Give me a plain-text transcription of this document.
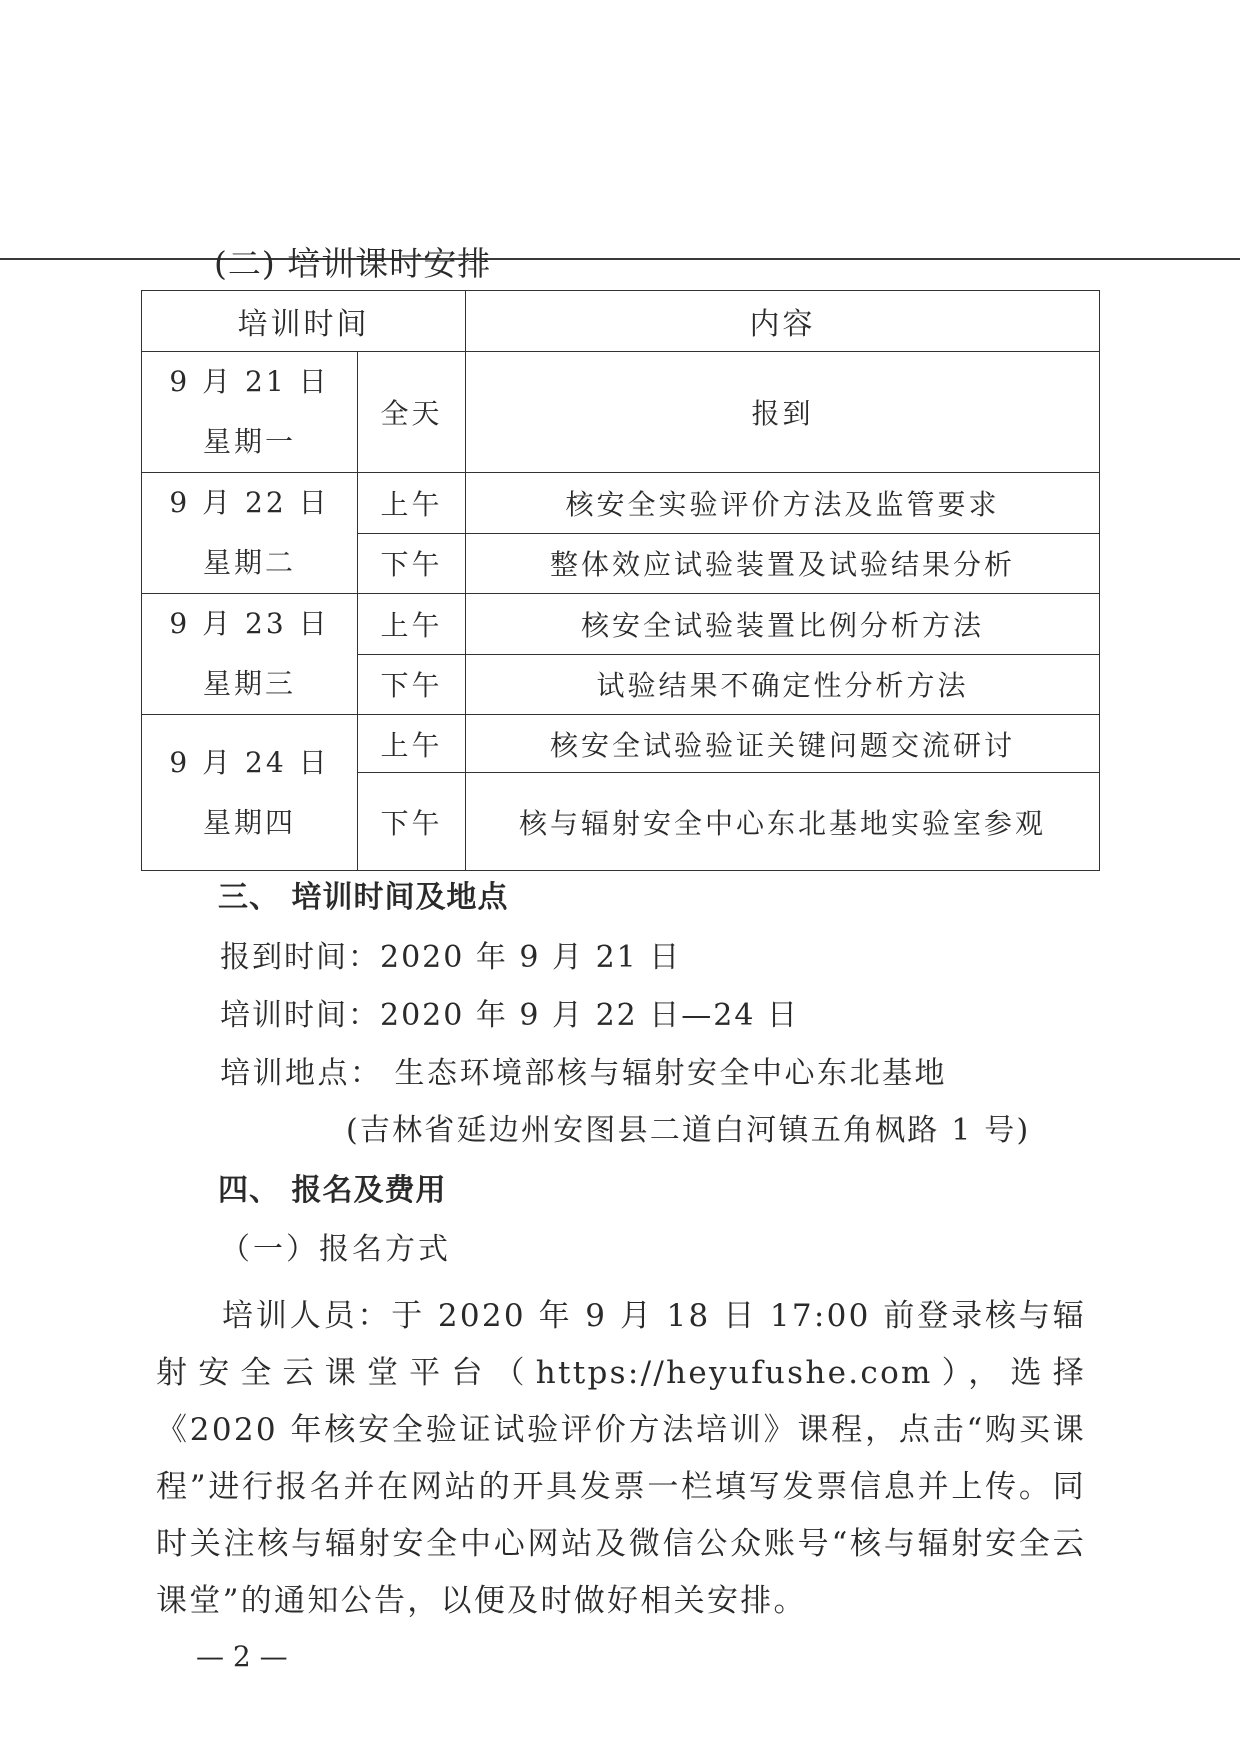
(二) 培训课时安排
培训时间		内容

9 月 21 日
星期一	全天	报到

9 月 22 日
星期二	上午	核安全实验评价方法及监管要求
	下午	整体效应试验装置及试验结果分析

9 月 23 日
星期三	上午	核安全试验装置比例分析方法
	下午	试验结果不确定性分析方法

9 月 24 日
星期四	上午	核安全试验验证关键问题交流研讨
	下午	核与辐射安全中心东北基地实验室参观
三、 培训时间及地点
报到时间：2020 年 9 月 21 日
培训时间：2020 年 9 月 22 日—24 日
培训地点： 生态环境部核与辐射安全中心东北基地
(吉林省延边州安图县二道白河镇五角枫路 1 号)
四、 报名及费用
（一）报名方式
培训人员：于 2020 年 9 月 18 日 17:00 前登录核与辐射安全云课堂平台（https://heyufushe.com），选择《2020 年核安全验证试验评价方法培训》课程，点击“购买课程”进行报名并在网站的开具发票一栏填写发票信息并上传。同时关注核与辐射安全中心网站及微信公众账号“核与辐射安全云课堂”的通知公告，以便及时做好相关安排。
— 2 —
